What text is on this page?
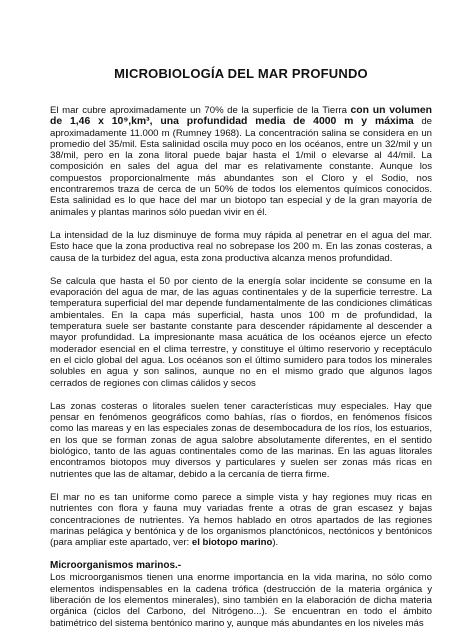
MICROBIOLOGÍA DEL MAR PROFUNDO

El mar cubre aproximadamente un 70% de la superficie de la Tierra con un volumen de 1,46 x 10⁹,km³, una profundidad media de 4000 m y máxima de aproximadamente 11.000 m (Rumney 1968). La concentración salina se considera en un promedio del 35/mil. Esta salinidad oscila muy poco en los océanos, entre un 32/mil y un 38/mil, pero en la zona litoral puede bajar hasta el 1/mil o elevarse al 44/mil. La composición en sales del agua del mar es relativamente constante. Aunque los compuestos proporcionalmente más abundantes son el Cloro y el Sodio, nos encontraremos traza de cerca de un 50% de todos los elementos químicos conocidos. Esta salinidad es lo que hace del mar un biotopo tan especial y de la gran mayoría de animales y plantas marinos sólo puedan vivir en él.

La intensidad de la luz disminuye de forma muy rápida al penetrar en el agua del mar. Esto hace que la zona productiva real no sobrepase los 200 m. En las zonas costeras, a causa de la turbidez del agua, esta zona productiva alcanza menos profundidad.

Se calcula que hasta el 50 por ciento de la energía solar incidente se consume en la evaporación del agua de mar, de las aguas continentales y de la superficie terrestre. La temperatura superficial del mar depende fundamentalmente de las condiciones climáticas ambientales. En la capa más superficial, hasta unos 100 m de profundidad, la temperatura suele ser bastante constante para descender rápidamente al descender a mayor profundidad. La impresionante masa acuática de los océanos ejerce un efecto moderador esencial en el clima terrestre, y constituye el último reservorio y receptáculo en el ciclo global del agua. Los océanos son el último sumidero para todos los minerales solubles en agua y son salinos, aunque no en el mismo grado que algunos lagos cerrados de regiones con climas cálidos y secos

Las zonas costeras o litorales suelen tener características muy especiales. Hay que pensar en fenómenos geográficos como bahías, rías o fiordos, en fenómenos físicos como las mareas y en las especiales zonas de desembocadura de los ríos, los estuarios, en los que se forman zonas de agua salobre absolutamente diferentes, en el sentido biológico, tanto de las aguas continentales como de las marinas. En las aguas litorales encontramos biotopos muy diversos y particulares y suelen ser zonas más ricas en nutrientes que las de altamar, debido a la cercanía de tierra firme.

El mar no es tan uniforme como parece a simple vista y hay regiones muy ricas en nutrientes con flora y fauna muy variadas frente a otras de gran escasez y bajas concentraciones de nutrientes. Ya hemos hablado en otros apartados de las regiones marinas pelágica y bentónica y de los organismos planctónicos, nectónicos y bentónicos (para ampliar este apartado, ver: el biotopo marino).

Microorganismos marinos.-

Los microorganismos tienen una enorme importancia en la vida marina, no sólo como elementos indispensables en la cadena trófica (destrucción de la materia orgánica y liberación de los elementos minerales), sino también en la elaboración de dicha materia orgánica (ciclos del Carbono, del Nitrógeno...). Se encuentran en todo el ámbito batimétrico del sistema bentónico marino y, aunque más abundantes en los niveles más
